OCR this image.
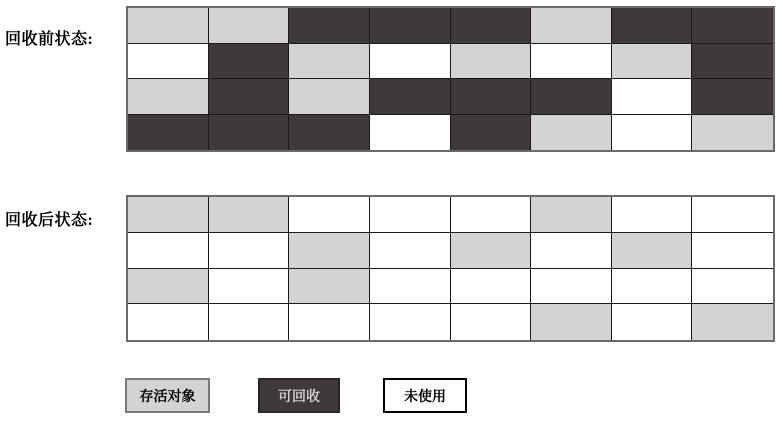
回收前状态:
回收后状态:
存活对象	可回收	未使用
